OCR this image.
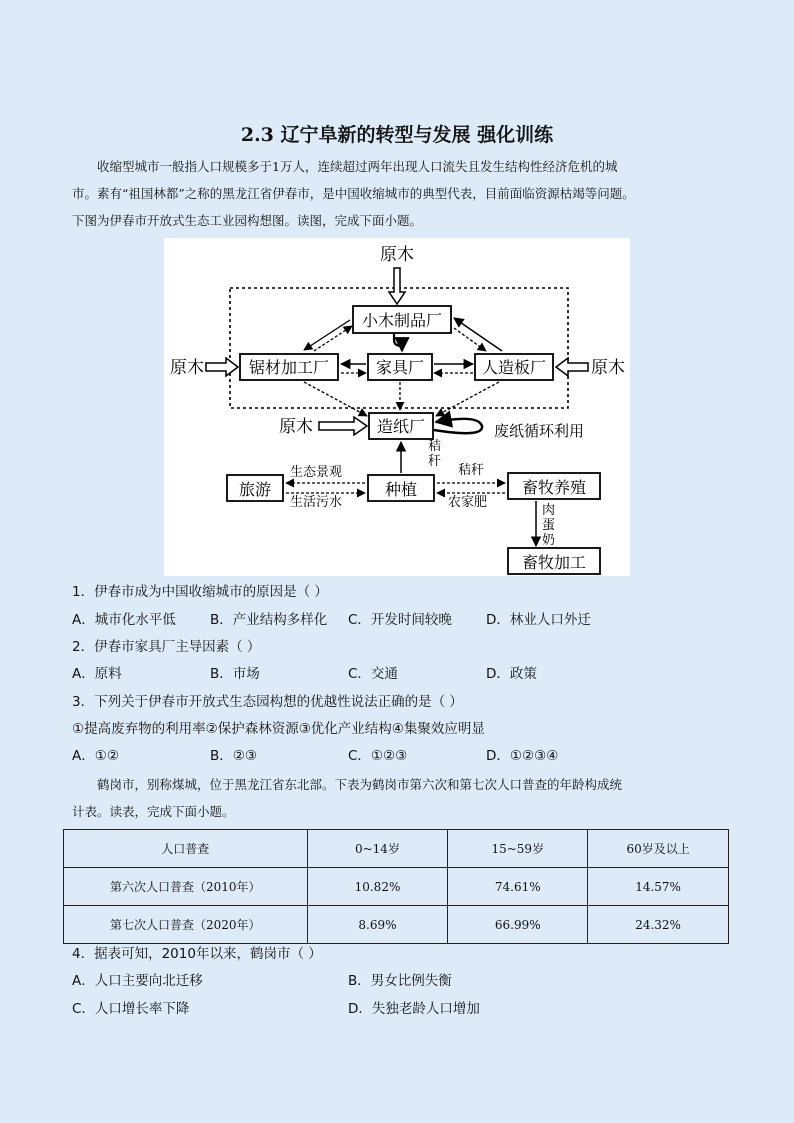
2.3 辽宁阜新的转型与发展 强化训练

收缩型城市一般指人口规模多于1万人，连续超过两年出现人口流失且发生结构性经济危机的城

市。素有“祖国林都”之称的黑龙江省伊春市，是中国收缩城市的典型代表，目前面临资源枯竭等问题。

下图为伊春市开放式生态工业园构想图。读图，完成下面小题。

原木
小木制品厂
锯材加工厂	家具厂	人造板厂
造纸厂
原木	原木
原木	废纸循环利用
种植
秸秆
旅游
生态景观
生活污水
畜牧养殖
秸秆
农家肥
肉蛋奶
畜牧加工
1．伊春市成为中国收缩城市的原因是（ ）
A．城市化水平低	B．产业结构多样化 C．开发时间较晚	D．林业人口外迁
2．伊春市家具厂主导因素（ ）
A．原料	B．市场	C．交通	D．政策
3．下列关于伊春市开放式生态园构想的优越性说法正确的是（ ）
①提高废弃物的利用率②保护森林资源③优化产业结构④集聚效应明显
A．①②	B．②③	C．①②③	D．①②③④

鹤岗市，别称煤城，位于黑龙江省东北部。下表为鹤岗市第六次和第七次人口普查的年龄构成统

计表。读表，完成下面小题。

人口普查	0~14岁	15~59岁	60岁及以上
第六次人口普查（2010年）	10.82%	74.61%	14.57%
第七次人口普查（2020年）	8.69%	66.99%	24.32%
4．据表可知，2010年以来，鹤岗市（ ）
A．人口主要向北迁移	B．男女比例失衡
C．人口增长率下降	D．失独老龄人口增加
